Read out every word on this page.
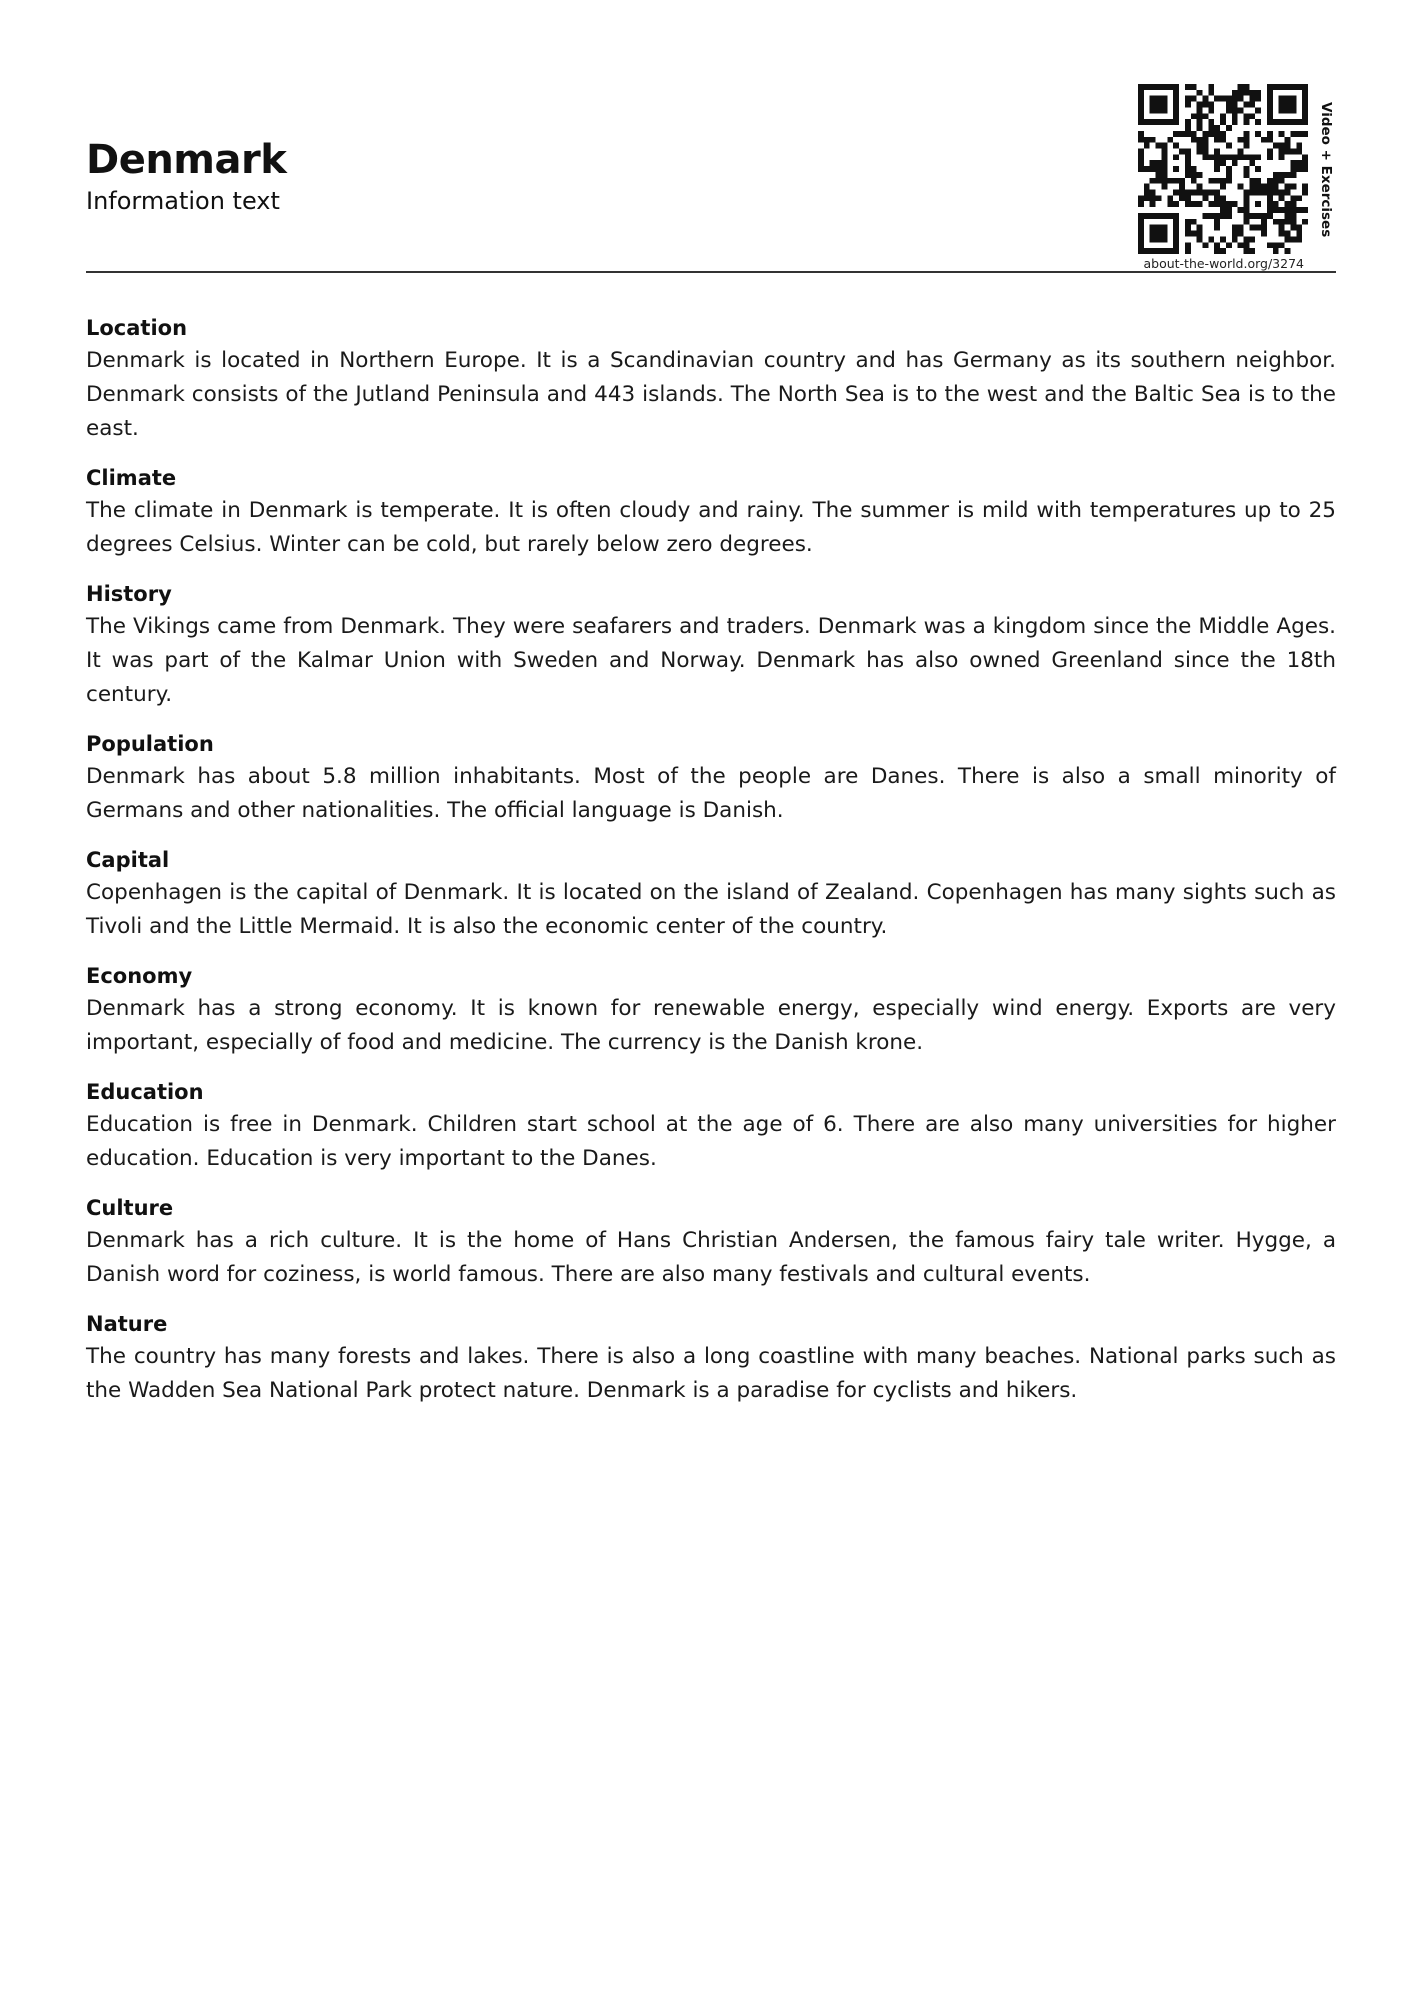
Denmark
Information text
about-the-world.org/3274
Video + Exercises

Location

Denmark is located in Northern Europe. It is a Scandinavian country and has Germany as its southern neighbor. Denmark consists of the Jutland Peninsula and 443 islands. The North Sea is to the west and the Baltic Sea is to the east.

Climate

The climate in Denmark is temperate. It is often cloudy and rainy. The summer is mild with temperatures up to 25 degrees Celsius. Winter can be cold, but rarely below zero degrees.

History

The Vikings came from Denmark. They were seafarers and traders. Denmark was a kingdom since the Middle Ages. It was part of the Kalmar Union with Sweden and Norway. Denmark has also owned Greenland since the 18th century.

Population

Denmark has about 5.8 million inhabitants. Most of the people are Danes. There is also a small minority of Germans and other nationalities. The official language is Danish.

Capital

Copenhagen is the capital of Denmark. It is located on the island of Zealand. Copenhagen has many sights such as Tivoli and the Little Mermaid. It is also the economic center of the country.

Economy

Denmark has a strong economy. It is known for renewable energy, especially wind energy. Exports are very important, especially of food and medicine. The currency is the Danish krone.

Education

Education is free in Denmark. Children start school at the age of 6. There are also many universities for higher education. Education is very important to the Danes.

Culture

Denmark has a rich culture. It is the home of Hans Christian Andersen, the famous fairy tale writer. Hygge, a Danish word for coziness, is world famous. There are also many festivals and cultural events.

Nature

The country has many forests and lakes. There is also a long coastline with many beaches. National parks such as the Wadden Sea National Park protect nature. Denmark is a paradise for cyclists and hikers.
